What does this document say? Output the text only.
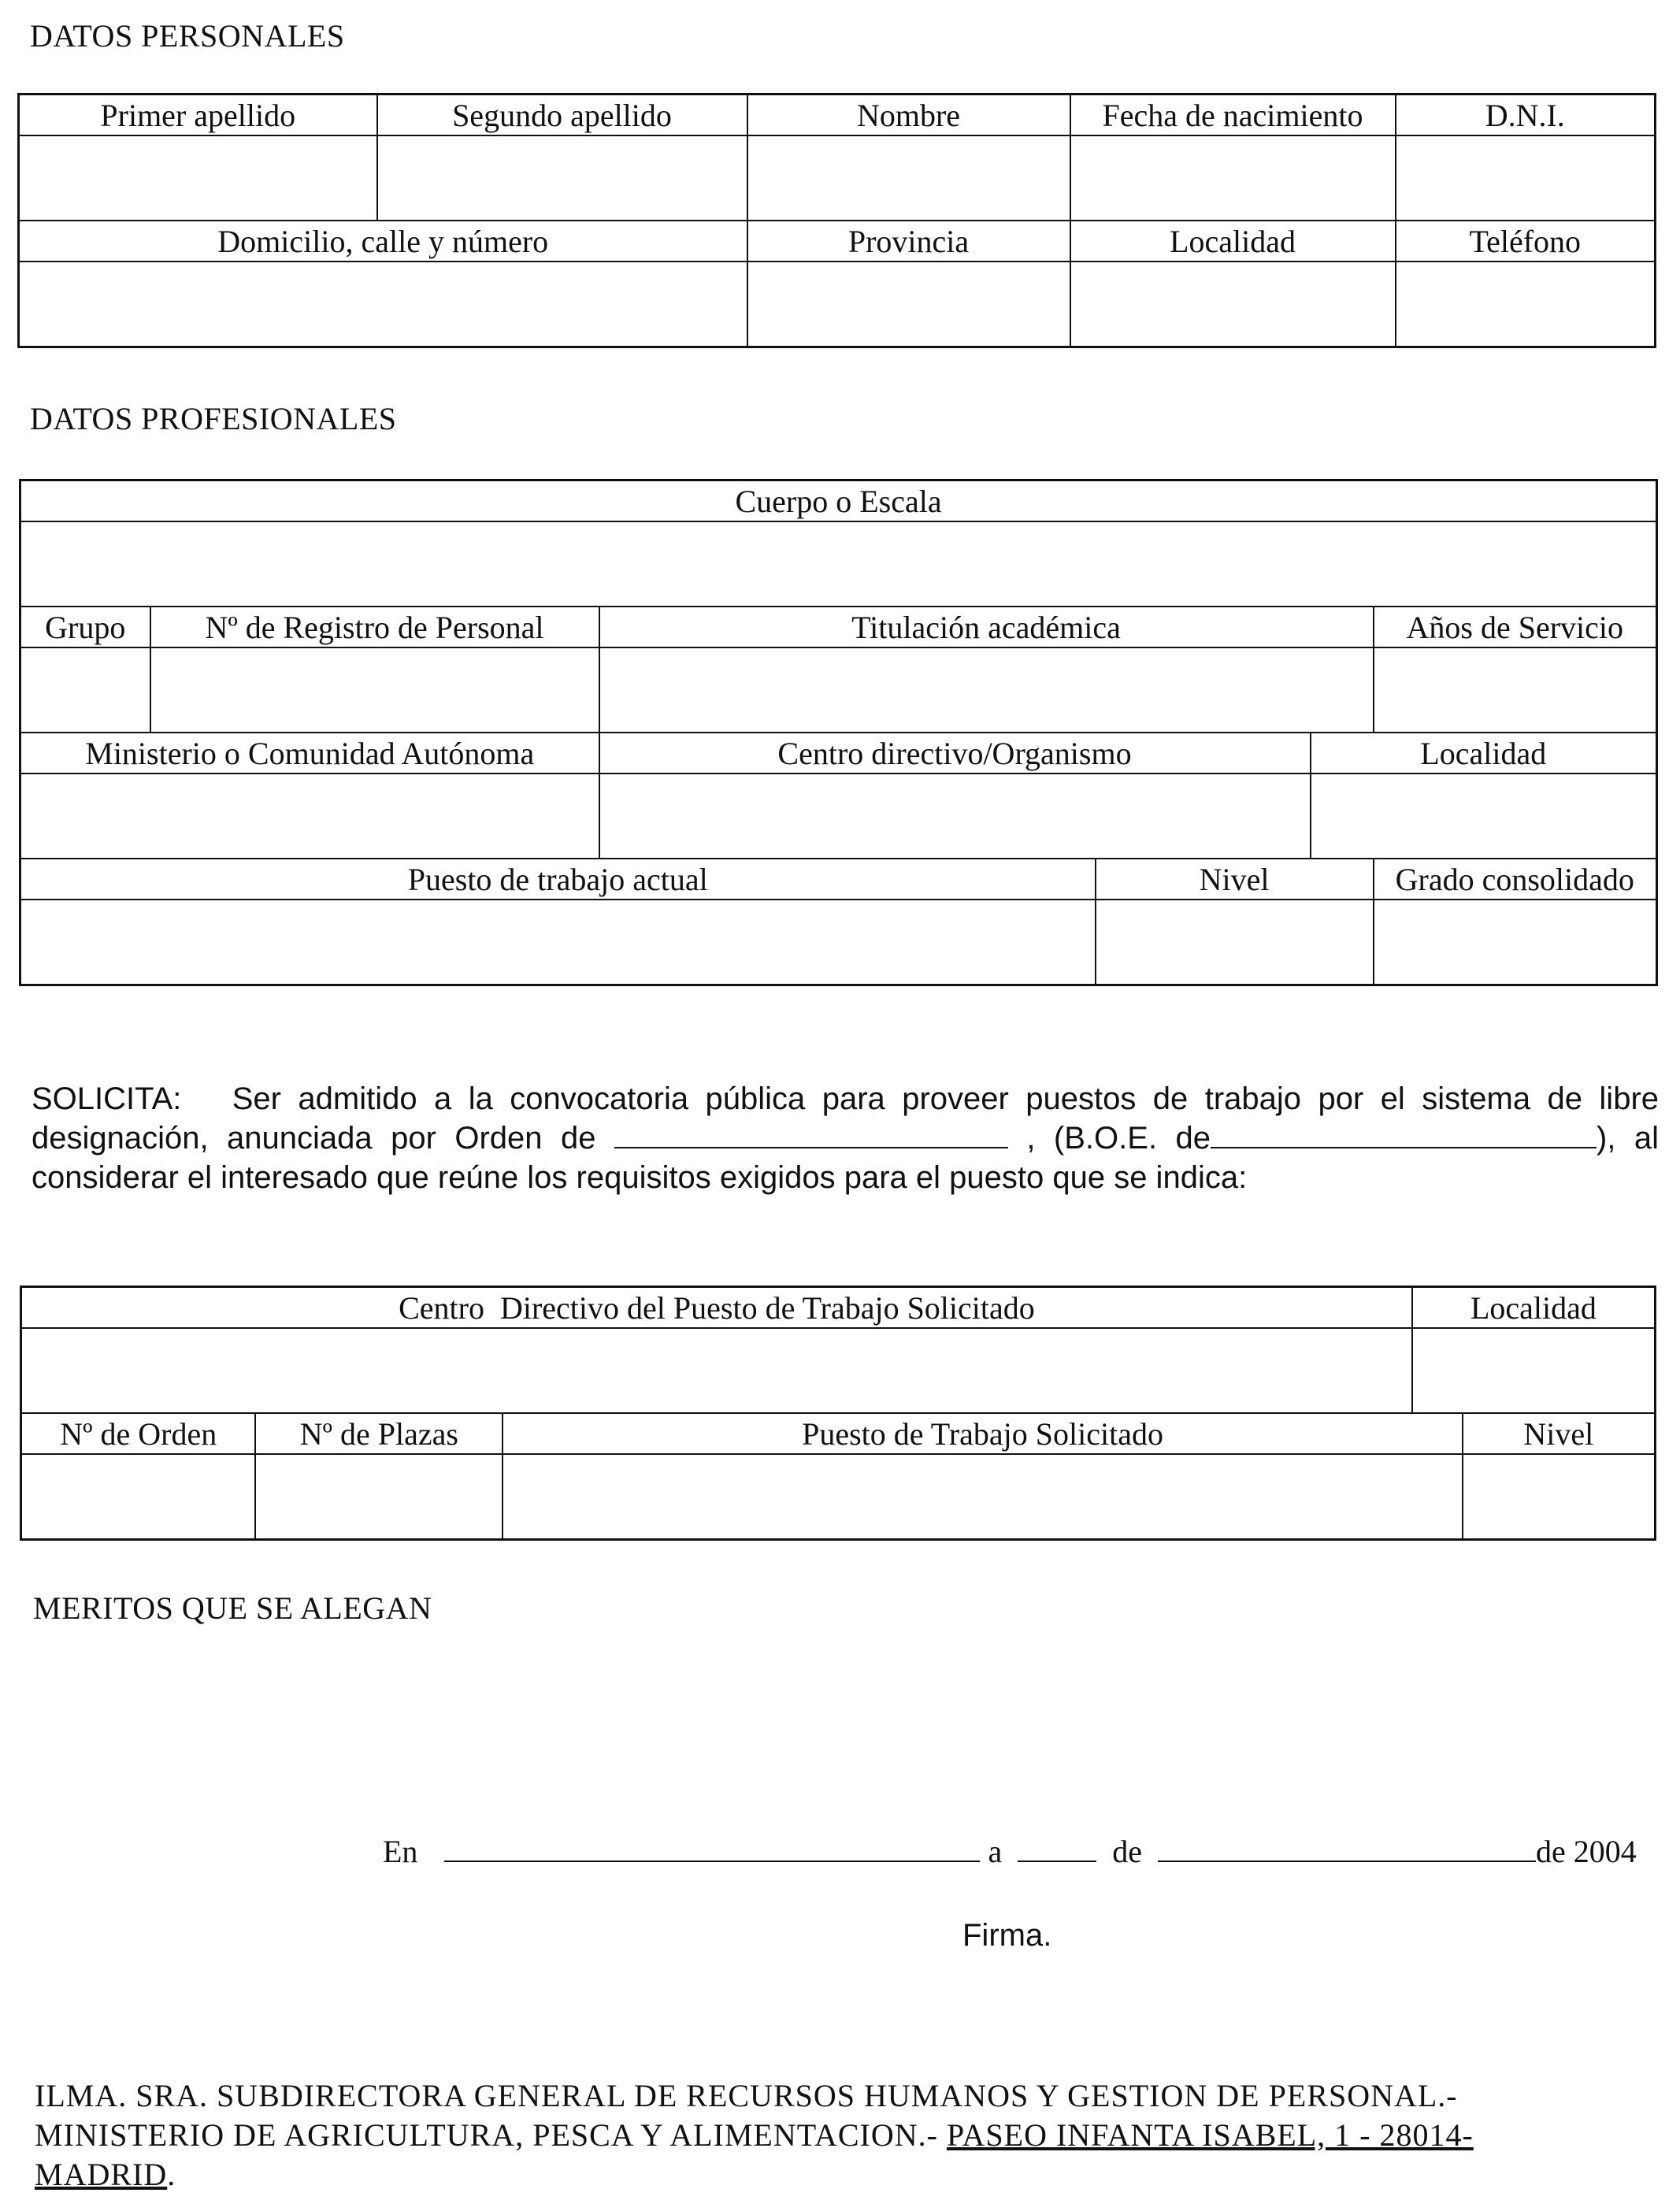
DATOS PERSONALES
Primer apellido	Segundo apellido	Nombre	Fecha de nacimiento	D.N.I.

Domicilio, calle y número		Provincia	Localidad	Teléfono

DATOS PROFESIONALES
Cuerpo o Escala					

Grupo	Nº de Registro de Personal	Titulación académica			Años de Servicio

Ministerio o Comunidad Autónoma		Centro directivo/Organismo		Localidad	

Puesto de trabajo actual			Nivel		Grado consolidado

SOLICITA: Ser admitido a la convocatoria pública para proveer puestos de trabajo por el sistema de libre designación, anunciada por Orden de	, (B.O.E. de	), al considerar el interesado que reúne los requisitos exigidos para el puesto que se indica:
Centro  Directivo del Puesto de Trabajo Solicitado			Localidad	

Nº de Orden	Nº de Plazas	Puesto de Trabajo Solicitado		Nivel

MERITOS QUE SE ALEGAN
En	a	de	de 2004
Firma.
ILMA. SRA. SUBDIRECTORA GENERAL DE RECURSOS HUMANOS Y GESTION DE PERSONAL.-
MINISTERIO DE AGRICULTURA, PESCA Y ALIMENTACION.- PASEO INFANTA ISABEL, 1 - 28014-
MADRID.
